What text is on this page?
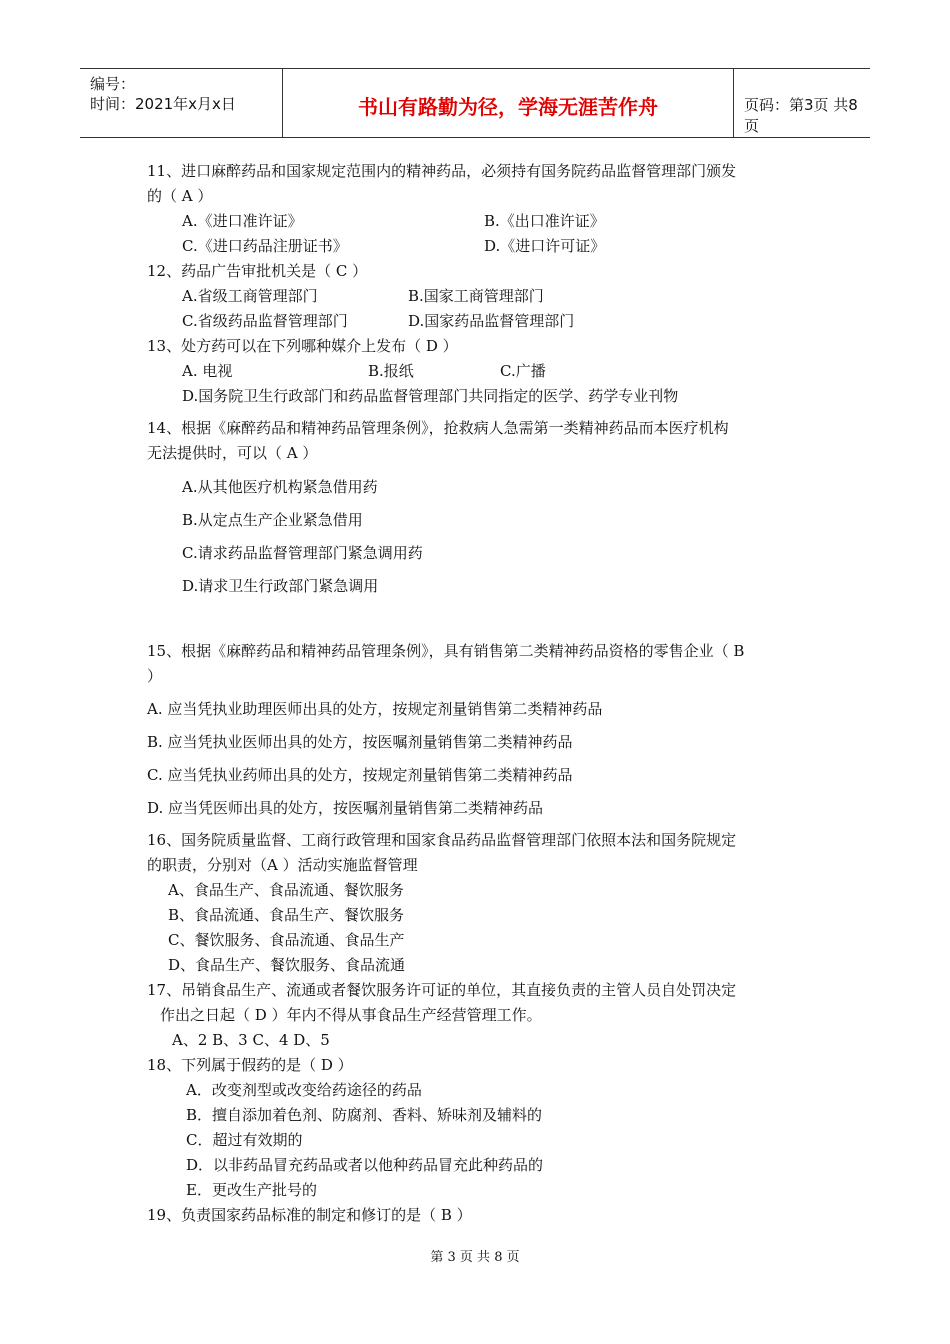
编号：
时间：2021年x月x日	书山有路勤为径，学海无涯苦作舟	页码：第3页 共8页
11、进口麻醉药品和国家规定范围内的精神药品，必须持有国务院药品监督管理部门颁发
的（ A ）
A.《进口准许证》	B.《出口准许证》
C.《进口药品注册证书》	D.《进口许可证》
12、药品广告审批机关是（ C ）
A.省级工商管理部门	B.国家工商管理部门
C.省级药品监督管理部门	D.国家药品监督管理部门
13、处方药可以在下列哪种媒介上发布（ D ）
A. 电视	B.报纸	C.广播
D.国务院卫生行政部门和药品监督管理部门共同指定的医学、药学专业刊物
14、根据《麻醉药品和精神药品管理条例》，抢救病人急需第一类精神药品而本医疗机构
无法提供时，可以（ A ）
A.从其他医疗机构紧急借用药
B.从定点生产企业紧急借用
C.请求药品监督管理部门紧急调用药
D.请求卫生行政部门紧急调用
15、根据《麻醉药品和精神药品管理条例》，具有销售第二类精神药品资格的零售企业（ B
）
A. 应当凭执业助理医师出具的处方，按规定剂量销售第二类精神药品
B. 应当凭执业医师出具的处方，按医嘱剂量销售第二类精神药品
C. 应当凭执业药师出具的处方，按规定剂量销售第二类精神药品
D. 应当凭医师出具的处方，按医嘱剂量销售第二类精神药品
16、国务院质量监督、工商行政管理和国家食品药品监督管理部门依照本法和国务院规定
的职责，分别对（A ）活动实施监督管理
A、食品生产、食品流通、餐饮服务
B、食品流通、食品生产、餐饮服务
C、餐饮服务、食品流通、食品生产
D、食品生产、餐饮服务、食品流通
17、吊销食品生产、流通或者餐饮服务许可证的单位，其直接负责的主管人员自处罚决定
作出之日起（ D ）年内不得从事食品生产经营管理工作。
A、2 B、3 C、4 D、5
18、下列属于假药的是（ D ）
A．改变剂型或改变给药途径的药品
B．擅自添加着色剂、防腐剂、香料、矫味剂及辅料的
C．超过有效期的
D．以非药品冒充药品或者以他种药品冒充此种药品的
E．更改生产批号的
19、负责国家药品标准的制定和修订的是（ B ）
第 3 页 共 8 页
